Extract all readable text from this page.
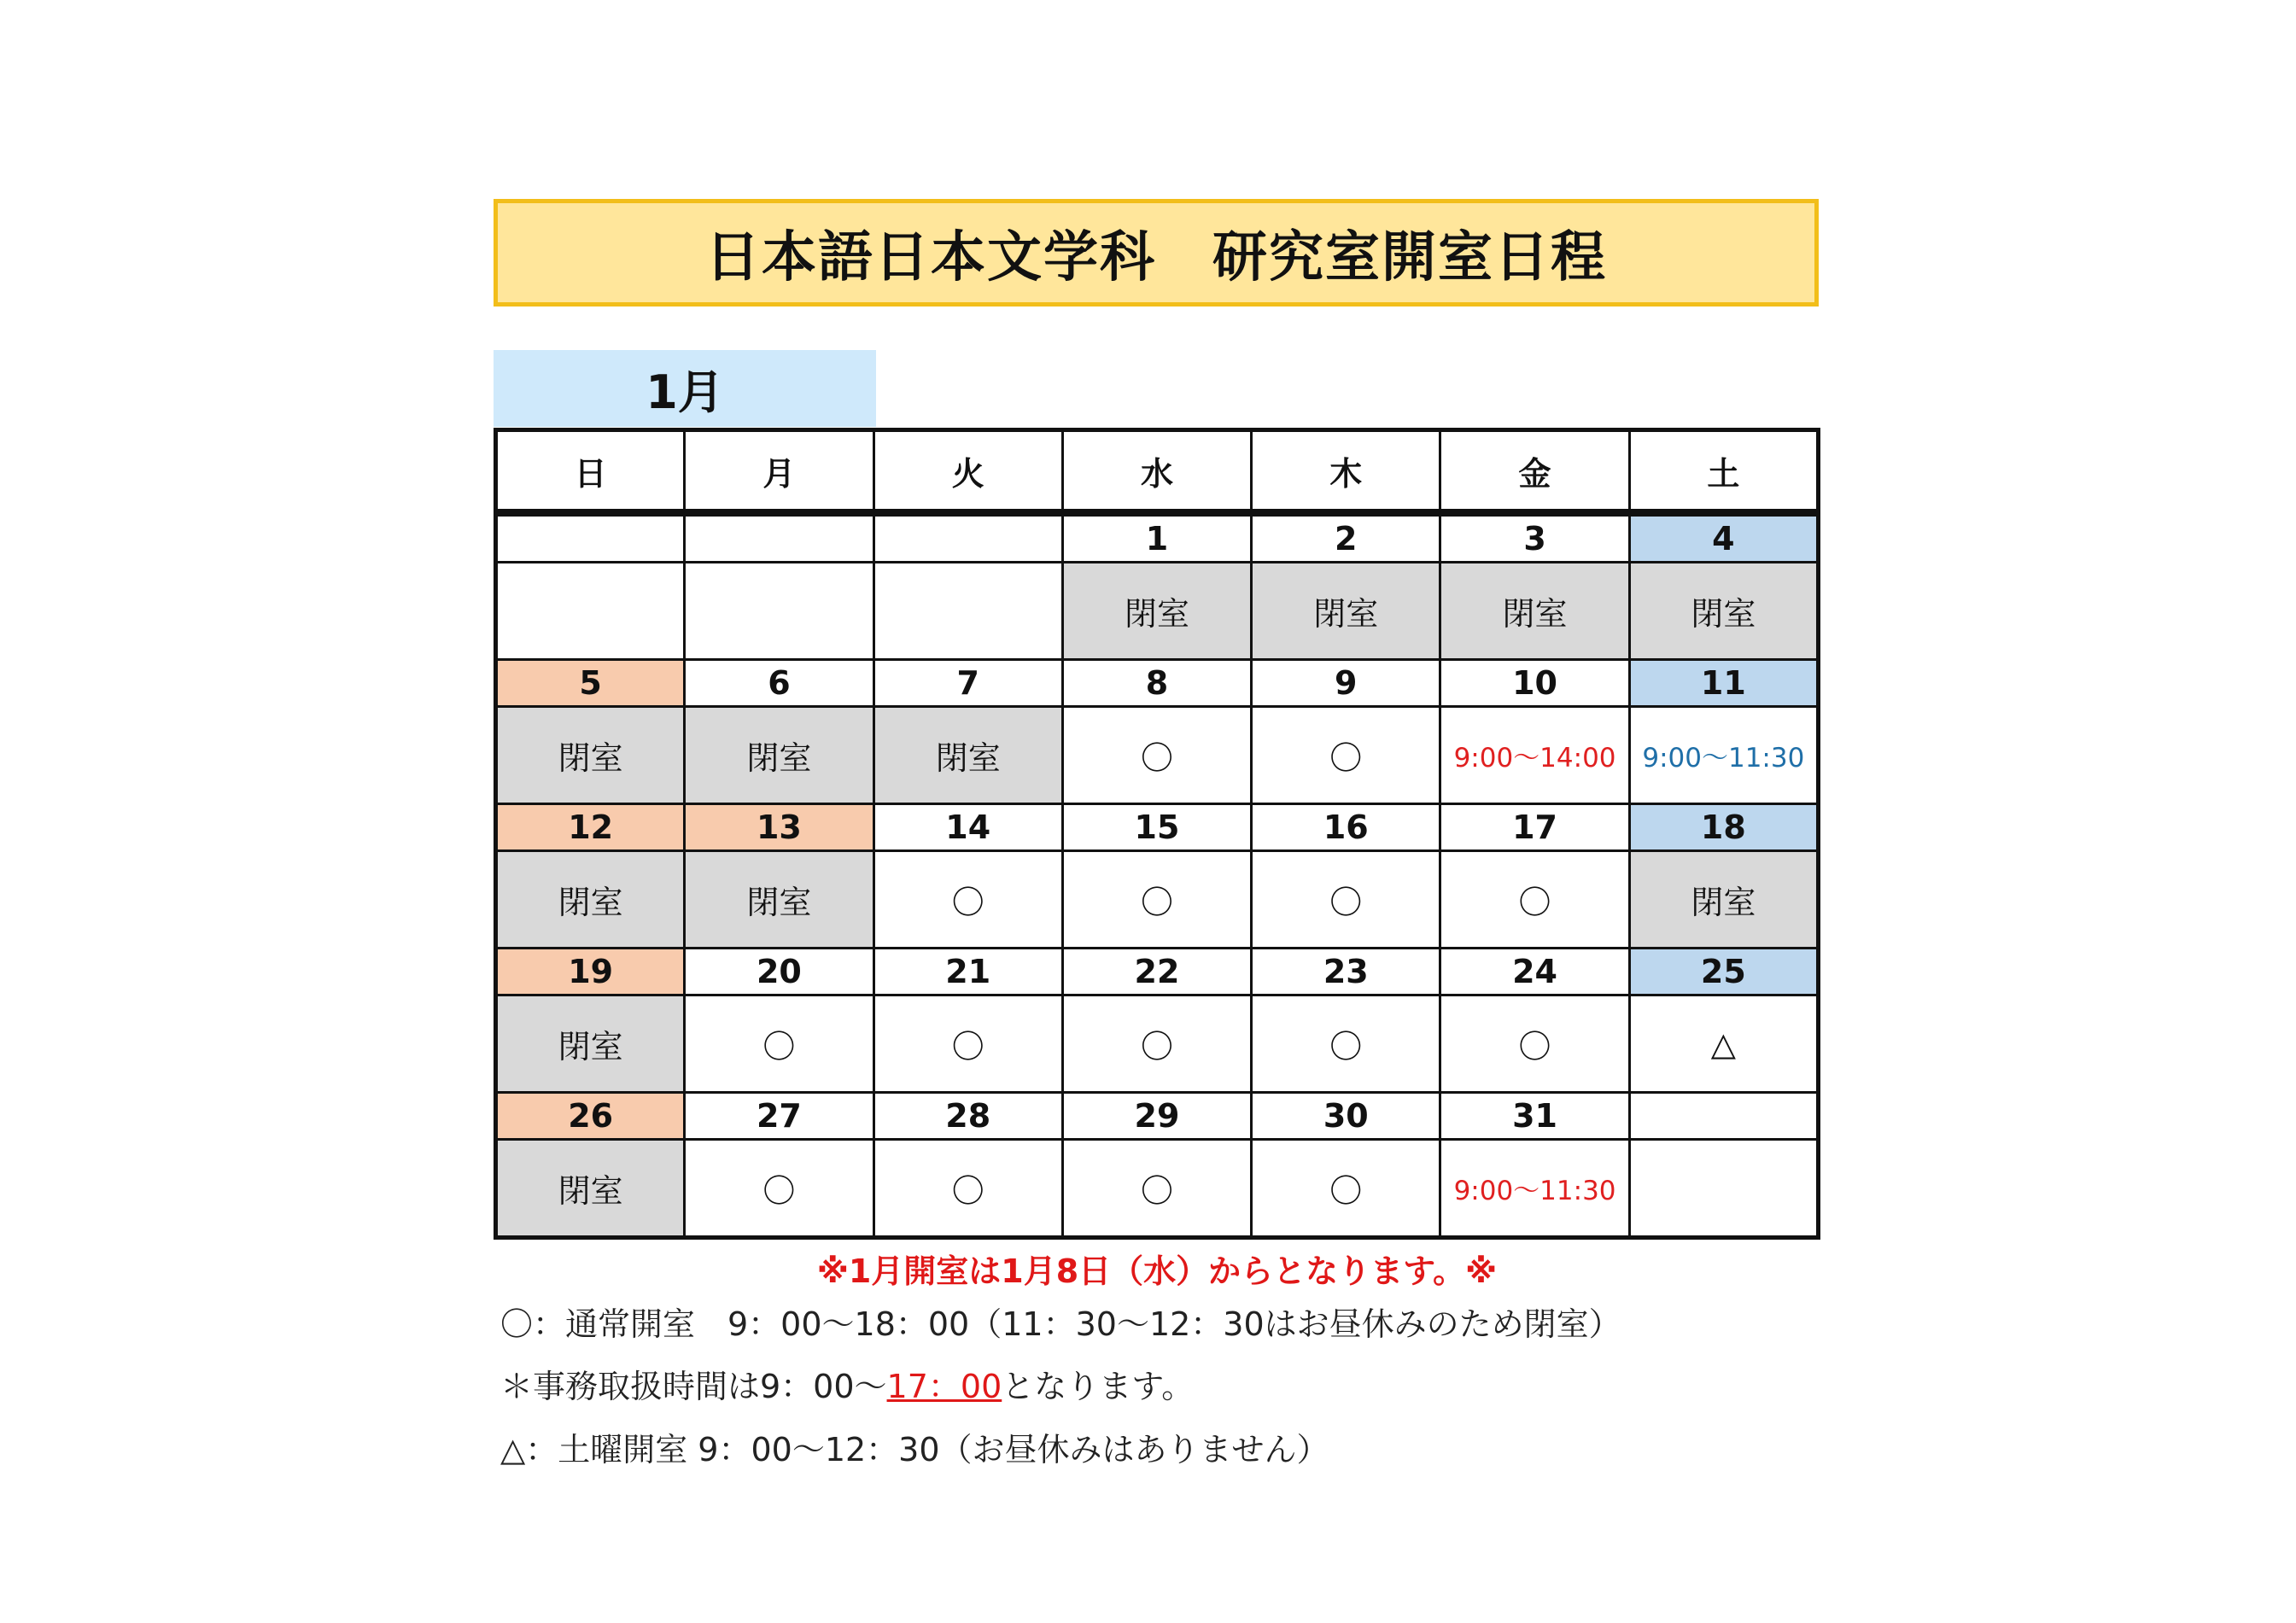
日本語日本文学科　研究室開室日程
1月
日	月	火	水	木	金	土

			1	2	3	4
			閉室	閉室	閉室	閉室
5	6	7	8	9	10	11
閉室	閉室	閉室	〇	〇	9:00～14:00	9:00～11:30
12	13	14	15	16	17	18
閉室	閉室	〇	〇	〇	〇	閉室
19	20	21	22	23	24	25
閉室	〇	〇	〇	〇	〇	△
26	27	28	29	30	31	
閉室	〇	〇	〇	〇	9:00～11:30	
※1月開室は1月8日（水）からとなります。※
〇：通常開室　9：00～18：00（11：30～12：30はお昼休みのため閉室）
＊事務取扱時間は9：00～17：00となります。
△：土曜開室 9：00～12：30（お昼休みはありません）
